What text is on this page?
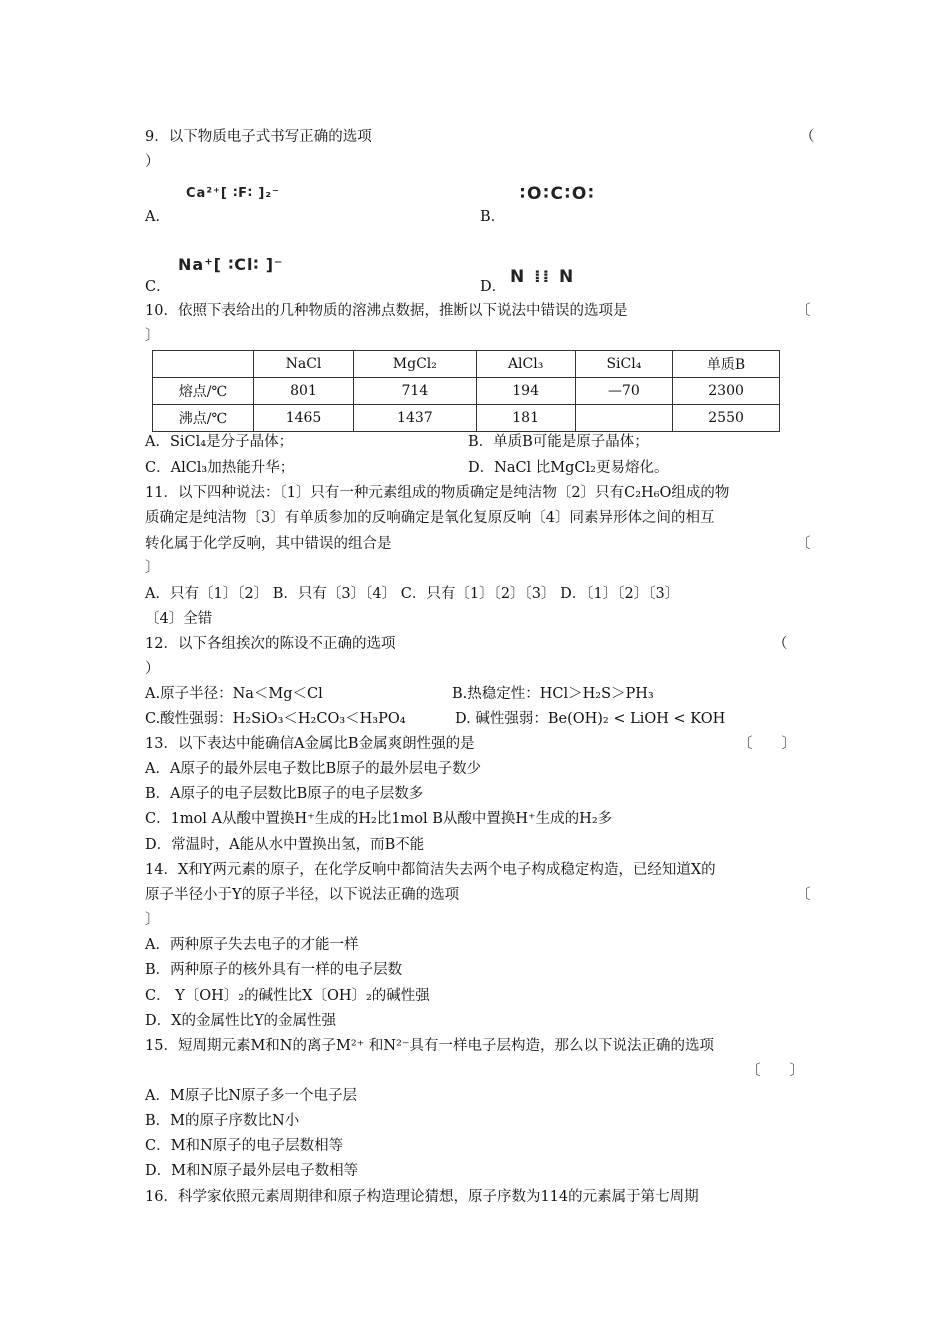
9．以下物质电子式书写正确的选项	（
）
A．
Ca²⁺[ ∶F∶ ]₂⁻
B．
∶O∶C∶O∶
C．
Na⁺[ ∶Cl∶ ]⁻
D． N ⁞⁞ N
10．依照下表给出的几种物质的溶沸点数据，推断以下说法中错误的选项是	〔
〕
	NaCl	MgCl₂	AlCl₃	SiCl₄	单质B
熔点/℃	801	714	194	—70	2300
沸点/℃	1465	1437	181		2550
A．SiCl₄是分子晶体；	B．单质B可能是原子晶体；
C．AlCl₃加热能升华；	D．NaCl 比MgCl₂更易熔化。
11．以下四种说法：〔1〕只有一种元素组成的物质确定是纯洁物〔2〕只有C₂H₆O组成的物
质确定是纯洁物〔3〕有单质参加的反响确定是氧化复原反响〔4〕同素异形体之间的相互
转化属于化学反响，其中错误的组合是	〔
〕
A．只有〔1〕〔2〕 B．只有〔3〕〔4〕 C．只有〔1〕〔2〕〔3〕 D．〔1〕〔2〕〔3〕
〔4〕全错
12．以下各组挨次的陈设不正确的选项	（
）
A.原子半径：Na＜Mg＜Cl	B.热稳定性：HCl＞H₂S＞PH₃
C.酸性强弱：H₂SiO₃＜H₂CO₃＜H₃PO₄	D. 碱性强弱：Be(OH)₂ < LiOH < KOH
13．以下表达中能确信A金属比B金属爽朗性强的是	〔　　〕
A．A原子的最外层电子数比B原子的最外层电子数少
B．A原子的电子层数比B原子的电子层数多
C．1mol A从酸中置换H⁺生成的H₂比1mol B从酸中置换H⁺生成的H₂多
D．常温时，A能从水中置换出氢，而B不能
14．X和Y两元素的原子，在化学反响中都简洁失去两个电子构成稳定构造，已经知道X的
原子半径小于Y的原子半径，以下说法正确的选项	〔
〕
A．两种原子失去电子的才能一样
B．两种原子的核外具有一样的电子层数
C． Y〔OH〕₂的碱性比X〔OH〕₂的碱性强
D．X的金属性比Y的金属性强
15．短周期元素M和N的离子M²⁺ 和N²⁻具有一样电子层构造，那么以下说法正确的选项
〔　　〕
A．M原子比N原子多一个电子层
B．M的原子序数比N小
C．M和N原子的电子层数相等
D．M和N原子最外层电子数相等
16．科学家依照元素周期律和原子构造理论猜想，原子序数为114的元素属于第七周期
